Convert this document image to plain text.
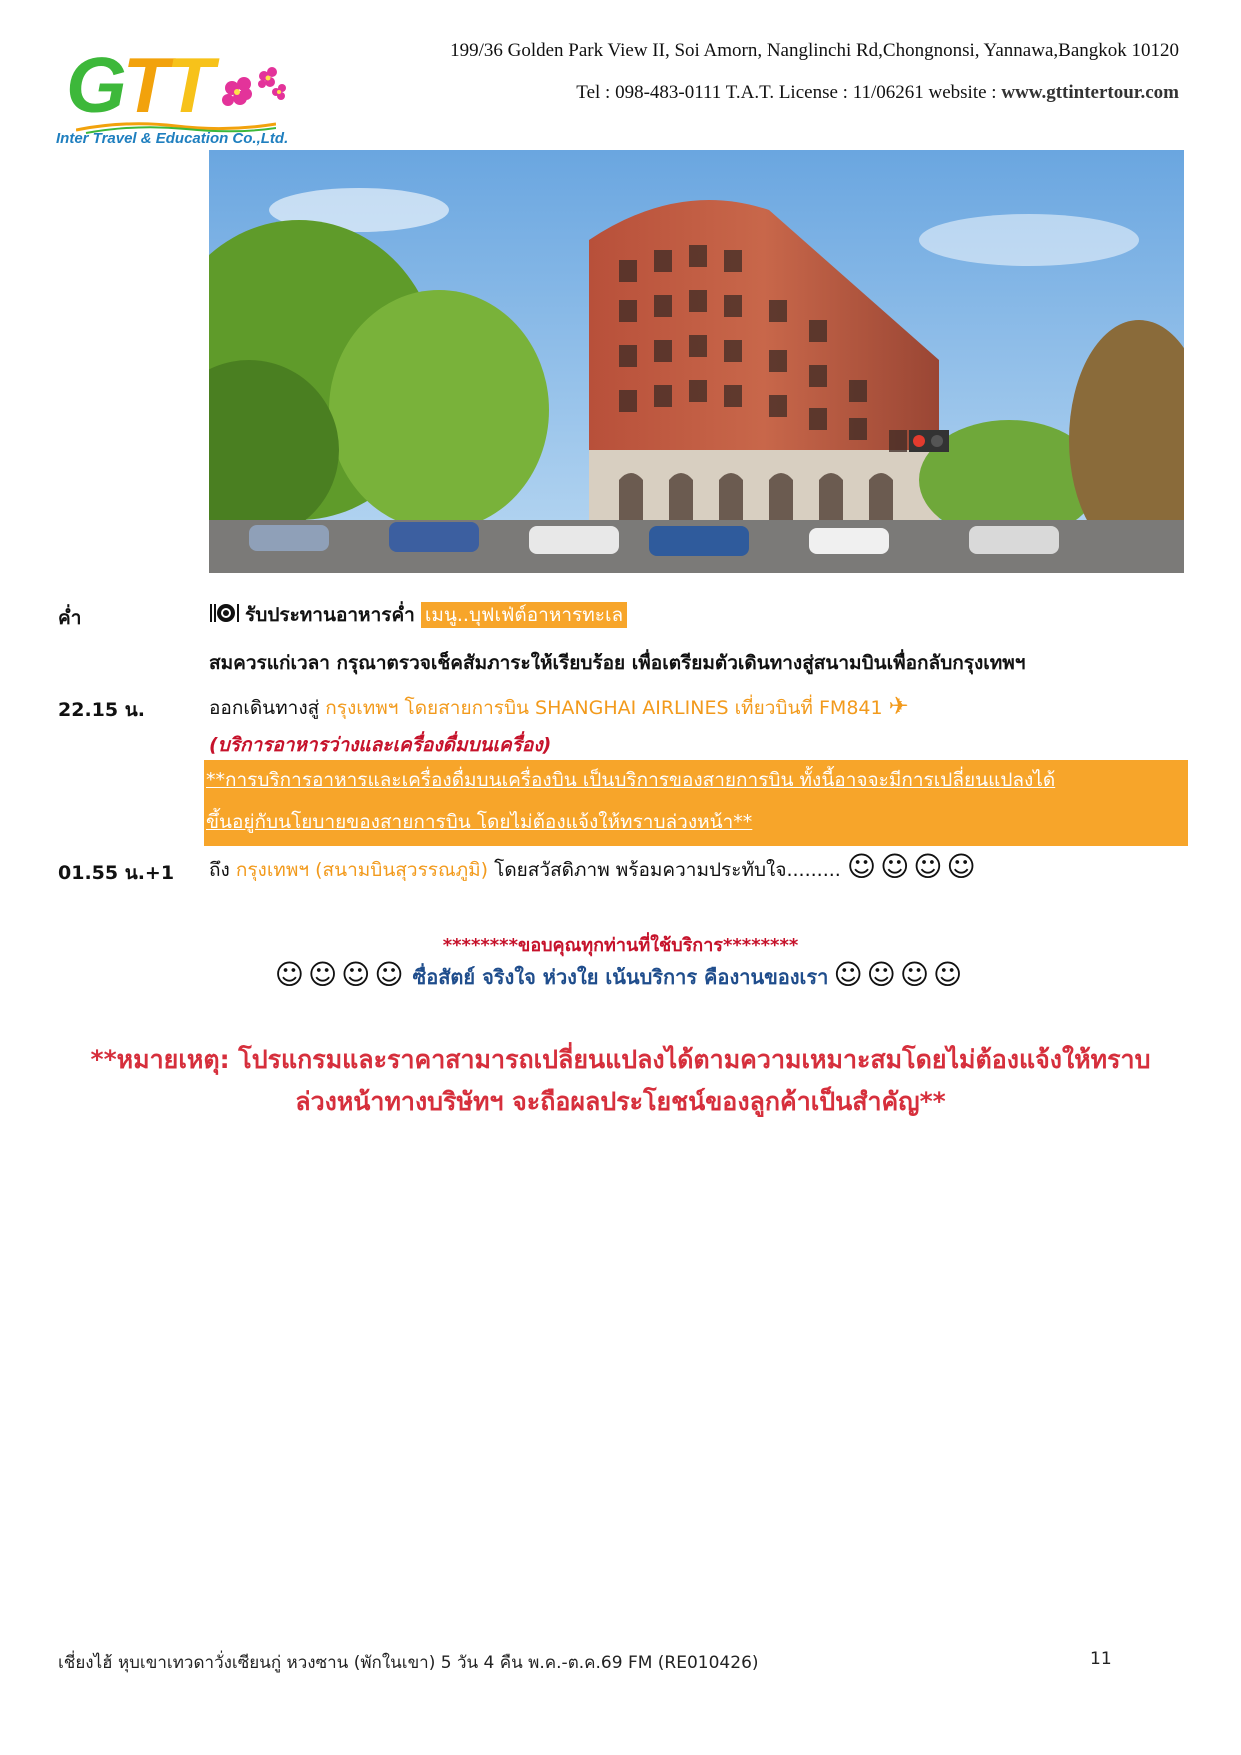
GTT
Inter Travel & Education Co.,Ltd.
199/36 Golden Park View II, Soi Amorn, Nanglinchi Rd,Chongnonsi, Yannawa,Bangkok 10120
Tel : 098-483-0111 T.A.T. License : 11/06261 website : www.gttintertour.com
ค่ำ	รับประทานอาหารค่ำ เมนู..บุฟเฟ่ต์อาหารทะเล
สมควรแก่เวลา กรุณาตรวจเช็คสัมภาระให้เรียบร้อย เพื่อเตรียมตัวเดินทางสู่สนามบินเพื่อกลับกรุงเทพฯ
22.15 น.	ออกเดินทางสู่ กรุงเทพฯ โดยสายการบิน SHANGHAI AIRLINES เที่ยวบินที่ FM841 ✈
(บริการอาหารว่างและเครื่องดื่มบนเครื่อง)
**การบริการอาหารและเครื่องดื่มบนเครื่องบิน เป็นบริการของสายการบิน ทั้งนี้อาจจะมีการเปลี่ยนแปลงได้
ขึ้นอยู่กับนโยบายของสายการบิน โดยไม่ต้องแจ้งให้ทราบล่วงหน้า**
01.55 น.+1 ถึง กรุงเทพฯ (สนามบินสุวรรณภูมิ) โดยสวัสดิภาพ พร้อมความประทับใจ......... ☺☺☺☺
********ขอบคุณทุกท่านที่ใช้บริการ********
☺☺☺☺ ซื่อสัตย์ จริงใจ ห่วงใย เน้นบริการ คืองานของเรา ☺☺☺☺
**หมายเหตุ: โปรแกรมและราคาสามารถเปลี่ยนแปลงได้ตามความเหมาะสมโดยไม่ต้องแจ้งให้ทราบ
ล่วงหน้าทางบริษัทฯ จะถือผลประโยชน์ของลูกค้าเป็นสำคัญ**
เชี่ยงไฮ้ หุบเขาเทวดาวั่งเซียนกู่ หวงซาน (พักในเขา) 5 วัน 4 คืน พ.ค.-ต.ค.69 FM (RE010426)	11
